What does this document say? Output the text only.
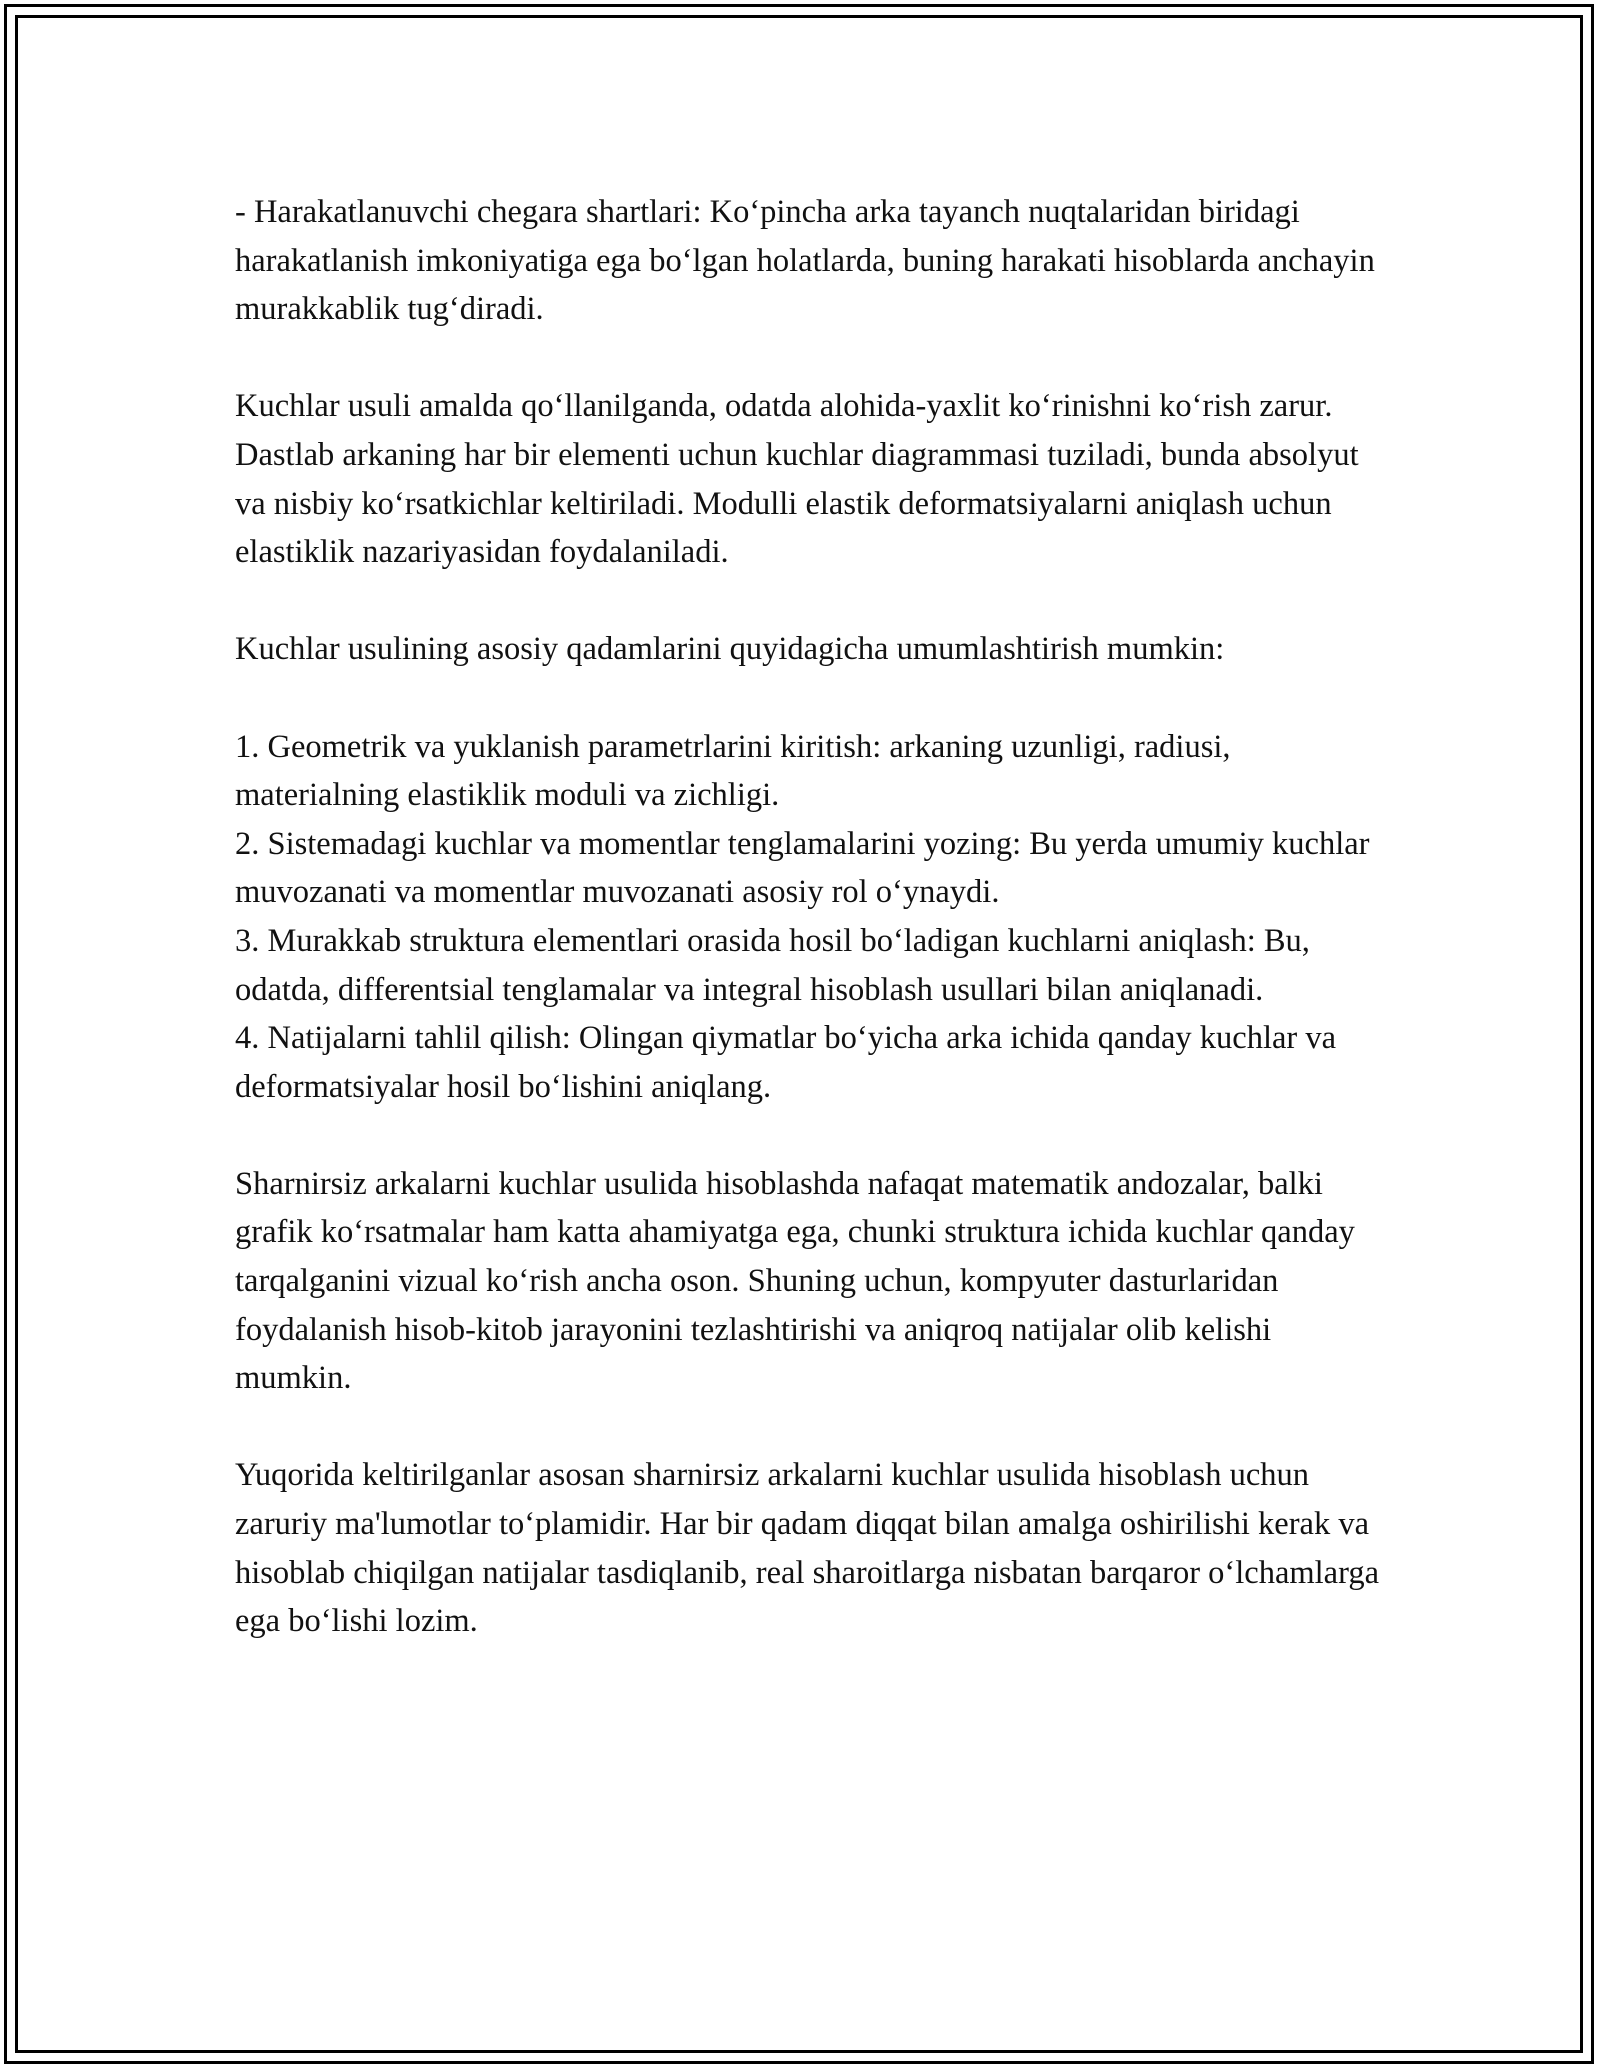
- Harakatlanuvchi chegara shartlari: Ko‘pincha arka tayanch nuqtalaridan biridagi harakatlanish imkoniyatiga ega bo‘lgan holatlarda, buning harakati hisoblarda anchayin murakkablik tug‘diradi.

Kuchlar usuli amalda qo‘llanilganda, odatda alohida-yaxlit ko‘rinishni ko‘rish zarur. Dastlab arkaning har bir elementi uchun kuchlar diagrammasi tuziladi, bunda absolyut va nisbiy ko‘rsatkichlar keltiriladi. Modulli elastik deformatsiyalarni aniqlash uchun elastiklik nazariyasidan foydalaniladi.

Kuchlar usulining asosiy qadamlarini quyidagicha umumlashtirish mumkin:

1. Geometrik va yuklanish parametrlarini kiritish: arkaning uzunligi, radiusi, materialning elastiklik moduli va zichligi.

2. Sistemadagi kuchlar va momentlar tenglamalarini yozing: Bu yerda umumiy kuchlar muvozanati va momentlar muvozanati asosiy rol o‘ynaydi.

3. Murakkab struktura elementlari orasida hosil bo‘ladigan kuchlarni aniqlash: Bu, odatda, differentsial tenglamalar va integral hisoblash usullari bilan aniqlanadi.

4. Natijalarni tahlil qilish: Olingan qiymatlar bo‘yicha arka ichida qanday kuchlar va deformatsiyalar hosil bo‘lishini aniqlang.

Sharnirsiz arkalarni kuchlar usulida hisoblashda nafaqat matematik andozalar, balki grafik ko‘rsatmalar ham katta ahamiyatga ega, chunki struktura ichida kuchlar qanday tarqalganini vizual ko‘rish ancha oson. Shuning uchun, kompyuter dasturlaridan foydalanish hisob-kitob jarayonini tezlashtirishi va aniqroq natijalar olib kelishi mumkin.

Yuqorida keltirilganlar asosan sharnirsiz arkalarni kuchlar usulida hisoblash uchun zaruriy ma'lumotlar to‘plamidir. Har bir qadam diqqat bilan amalga oshirilishi kerak va hisoblab chiqilgan natijalar tasdiqlanib, real sharoitlarga nisbatan barqaror o‘lchamlarga ega bo‘lishi lozim.
